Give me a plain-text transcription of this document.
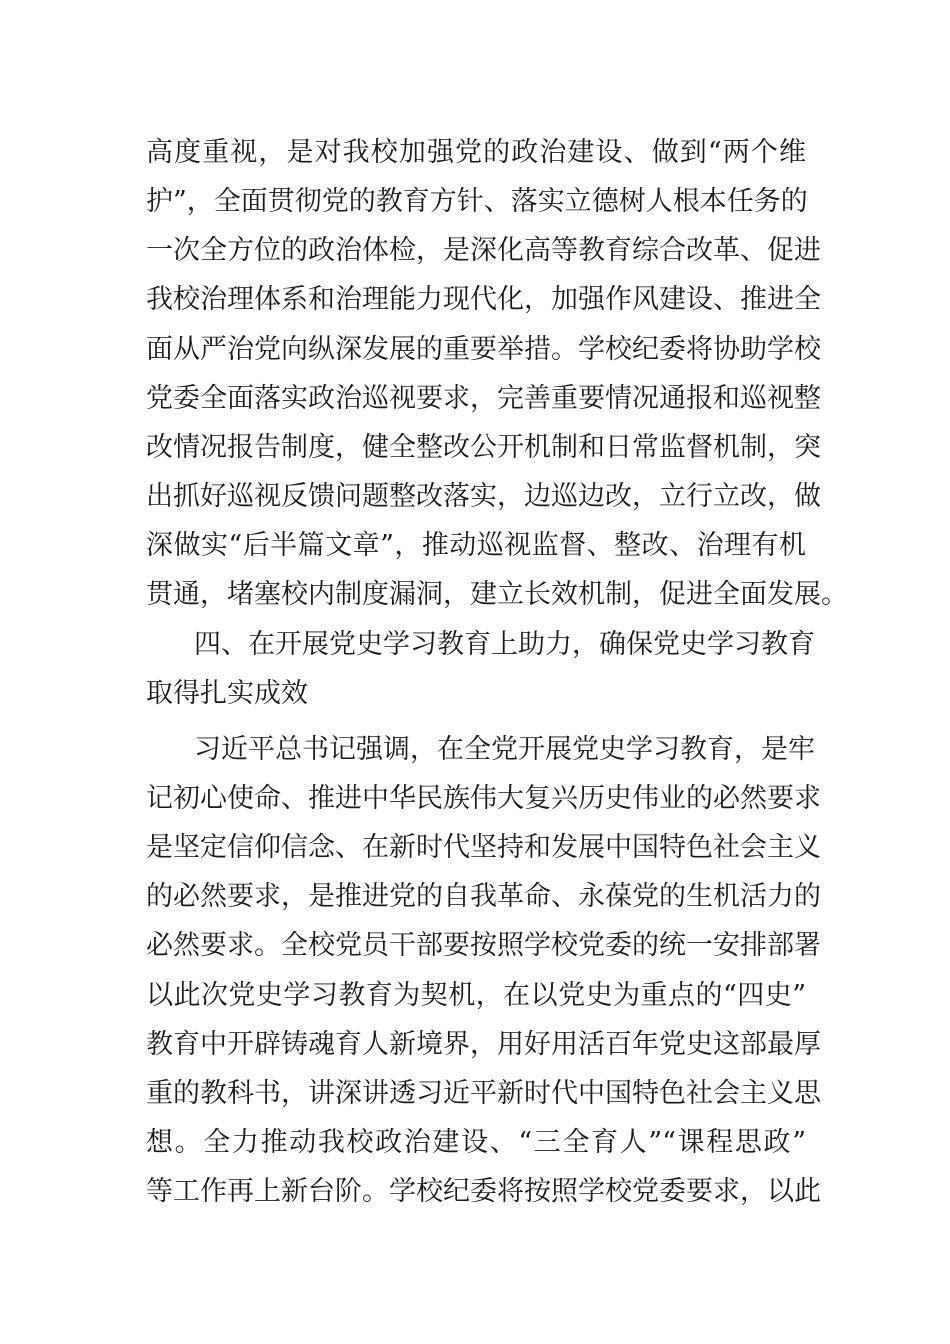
高度重视，是对我校加强党的政治建设、做到“两个维
护”，全面贯彻党的教育方针、落实立德树人根本任务的
一次全方位的政治体检，是深化高等教育综合改革、促进
我校治理体系和治理能力现代化，加强作风建设、推进全
面从严治党向纵深发展的重要举措。学校纪委将协助学校
党委全面落实政治巡视要求，完善重要情况通报和巡视整
改情况报告制度，健全整改公开机制和日常监督机制，突
出抓好巡视反馈问题整改落实，边巡边改，立行立改，做
深做实“后半篇文章”，推动巡视监督、整改、治理有机
贯通，堵塞校内制度漏洞，建立长效机制，促进全面发展。
四、在开展党史学习教育上助力，确保党史学习教育
取得扎实成效
习近平总书记强调，在全党开展党史学习教育，是牢
记初心使命、推进中华民族伟大复兴历史伟业的必然要求
是坚定信仰信念、在新时代坚持和发展中国特色社会主义
的必然要求，是推进党的自我革命、永葆党的生机活力的
必然要求。全校党员干部要按照学校党委的统一安排部署
以此次党史学习教育为契机，在以党史为重点的“四史”
教育中开辟铸魂育人新境界，用好用活百年党史这部最厚
重的教科书，讲深讲透习近平新时代中国特色社会主义思
想。全力推动我校政治建设、“三全育人”“课程思政”
等工作再上新台阶。学校纪委将按照学校党委要求，以此
